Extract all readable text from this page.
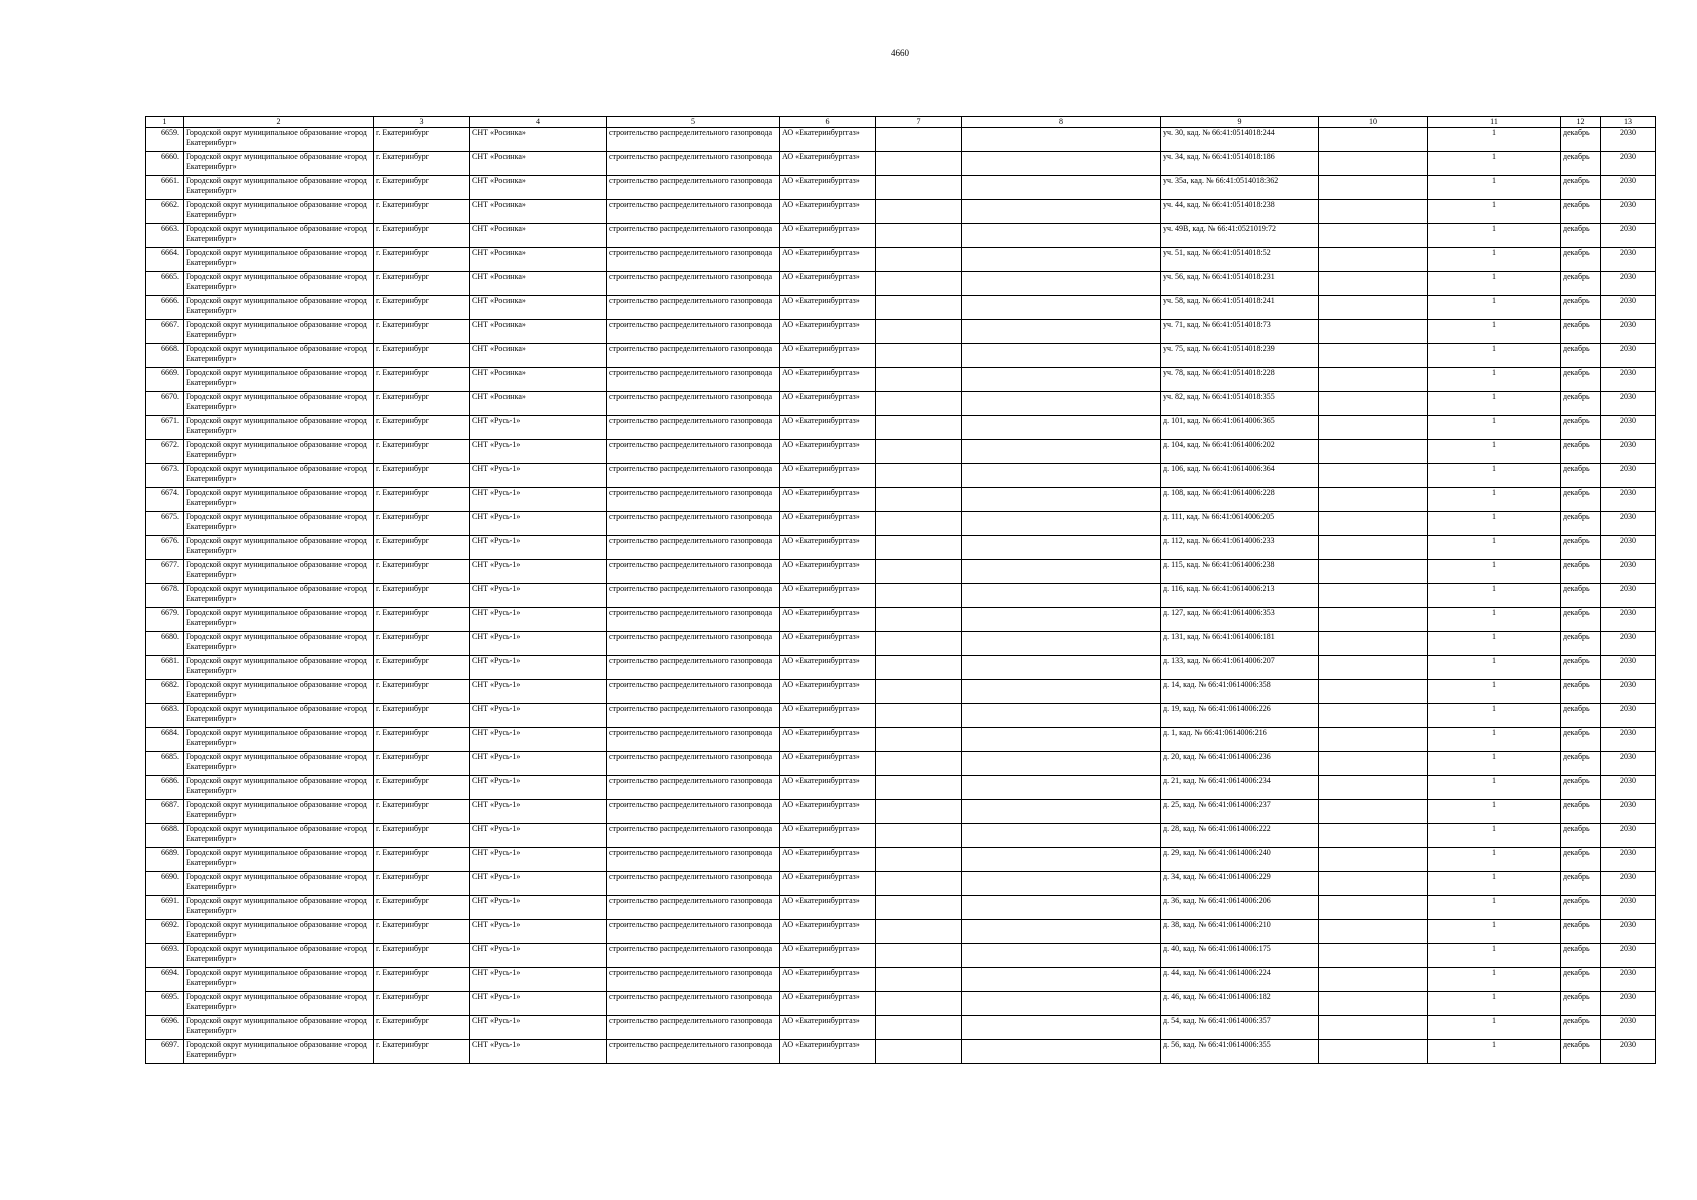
4660
1	2	3	4	5	6	7	8	9	10	11	12	13
6659.	Городской округ муниципальное образование «город Екатеринбург»	г. Екатеринбург	СНТ «Росинка»	строительство распределительного газопровода	АО «Екатеринбурггаз»			уч. 30, кад. № 66:41:0514018:244		1	декабрь	2030
6660.	Городской округ муниципальное образование «город Екатеринбург»	г. Екатеринбург	СНТ «Росинка»	строительство распределительного газопровода	АО «Екатеринбурггаз»			уч. 34, кад. № 66:41:0514018:186		1	декабрь	2030
6661.	Городской округ муниципальное образование «город Екатеринбург»	г. Екатеринбург	СНТ «Росинка»	строительство распределительного газопровода	АО «Екатеринбурггаз»			уч. 35а, кад. № 66:41:0514018:362		1	декабрь	2030
6662.	Городской округ муниципальное образование «город Екатеринбург»	г. Екатеринбург	СНТ «Росинка»	строительство распределительного газопровода	АО «Екатеринбурггаз»			уч. 44, кад. № 66:41:0514018:238		1	декабрь	2030
6663.	Городской округ муниципальное образование «город Екатеринбург»	г. Екатеринбург	СНТ «Росинка»	строительство распределительного газопровода	АО «Екатеринбурггаз»			уч. 49В, кад. № 66:41:0521019:72		1	декабрь	2030
6664.	Городской округ муниципальное образование «город Екатеринбург»	г. Екатеринбург	СНТ «Росинка»	строительство распределительного газопровода	АО «Екатеринбурггаз»			уч. 51, кад. № 66:41:0514018:52		1	декабрь	2030
6665.	Городской округ муниципальное образование «город Екатеринбург»	г. Екатеринбург	СНТ «Росинка»	строительство распределительного газопровода	АО «Екатеринбурггаз»			уч. 56, кад. № 66:41:0514018:231		1	декабрь	2030
6666.	Городской округ муниципальное образование «город Екатеринбург»	г. Екатеринбург	СНТ «Росинка»	строительство распределительного газопровода	АО «Екатеринбурггаз»			уч. 58, кад. № 66:41:0514018:241		1	декабрь	2030
6667.	Городской округ муниципальное образование «город Екатеринбург»	г. Екатеринбург	СНТ «Росинка»	строительство распределительного газопровода	АО «Екатеринбурггаз»			уч. 71, кад. № 66:41:0514018:73		1	декабрь	2030
6668.	Городской округ муниципальное образование «город Екатеринбург»	г. Екатеринбург	СНТ «Росинка»	строительство распределительного газопровода	АО «Екатеринбурггаз»			уч. 75, кад. № 66:41:0514018:239		1	декабрь	2030
6669.	Городской округ муниципальное образование «город Екатеринбург»	г. Екатеринбург	СНТ «Росинка»	строительство распределительного газопровода	АО «Екатеринбурггаз»			уч. 78, кад. № 66:41:0514018:228		1	декабрь	2030
6670.	Городской округ муниципальное образование «город Екатеринбург»	г. Екатеринбург	СНТ «Росинка»	строительство распределительного газопровода	АО «Екатеринбурггаз»			уч. 82, кад. № 66:41:0514018:355		1	декабрь	2030
6671.	Городской округ муниципальное образование «город Екатеринбург»	г. Екатеринбург	СНТ «Русь-1»	строительство распределительного газопровода	АО «Екатеринбурггаз»			д. 101, кад. № 66:41:0614006:365		1	декабрь	2030
6672.	Городской округ муниципальное образование «город Екатеринбург»	г. Екатеринбург	СНТ «Русь-1»	строительство распределительного газопровода	АО «Екатеринбурггаз»			д. 104, кад. № 66:41:0614006:202		1	декабрь	2030
6673.	Городской округ муниципальное образование «город Екатеринбург»	г. Екатеринбург	СНТ «Русь-1»	строительство распределительного газопровода	АО «Екатеринбурггаз»			д. 106, кад. № 66:41:0614006:364		1	декабрь	2030
6674.	Городской округ муниципальное образование «город Екатеринбург»	г. Екатеринбург	СНТ «Русь-1»	строительство распределительного газопровода	АО «Екатеринбурггаз»			д. 108, кад. № 66:41:0614006:228		1	декабрь	2030
6675.	Городской округ муниципальное образование «город Екатеринбург»	г. Екатеринбург	СНТ «Русь-1»	строительство распределительного газопровода	АО «Екатеринбурггаз»			д. 111, кад. № 66:41:0614006:205		1	декабрь	2030
6676.	Городской округ муниципальное образование «город Екатеринбург»	г. Екатеринбург	СНТ «Русь-1»	строительство распределительного газопровода	АО «Екатеринбурггаз»			д. 112, кад. № 66:41:0614006:233		1	декабрь	2030
6677.	Городской округ муниципальное образование «город Екатеринбург»	г. Екатеринбург	СНТ «Русь-1»	строительство распределительного газопровода	АО «Екатеринбурггаз»			д. 115, кад. № 66:41:0614006:238		1	декабрь	2030
6678.	Городской округ муниципальное образование «город Екатеринбург»	г. Екатеринбург	СНТ «Русь-1»	строительство распределительного газопровода	АО «Екатеринбурггаз»			д. 116, кад. № 66:41:0614006:213		1	декабрь	2030
6679.	Городской округ муниципальное образование «город Екатеринбург»	г. Екатеринбург	СНТ «Русь-1»	строительство распределительного газопровода	АО «Екатеринбурггаз»			д. 127, кад. № 66:41:0614006:353		1	декабрь	2030
6680.	Городской округ муниципальное образование «город Екатеринбург»	г. Екатеринбург	СНТ «Русь-1»	строительство распределительного газопровода	АО «Екатеринбурггаз»			д. 131, кад. № 66:41:0614006:181		1	декабрь	2030
6681.	Городской округ муниципальное образование «город Екатеринбург»	г. Екатеринбург	СНТ «Русь-1»	строительство распределительного газопровода	АО «Екатеринбурггаз»			д. 133, кад. № 66:41:0614006:207		1	декабрь	2030
6682.	Городской округ муниципальное образование «город Екатеринбург»	г. Екатеринбург	СНТ «Русь-1»	строительство распределительного газопровода	АО «Екатеринбурггаз»			д. 14, кад. № 66:41:0614006:358		1	декабрь	2030
6683.	Городской округ муниципальное образование «город Екатеринбург»	г. Екатеринбург	СНТ «Русь-1»	строительство распределительного газопровода	АО «Екатеринбурггаз»			д. 19, кад. № 66:41:0614006:226		1	декабрь	2030
6684.	Городской округ муниципальное образование «город Екатеринбург»	г. Екатеринбург	СНТ «Русь-1»	строительство распределительного газопровода	АО «Екатеринбурггаз»			д. 1, кад. № 66:41:0614006:216		1	декабрь	2030
6685.	Городской округ муниципальное образование «город Екатеринбург»	г. Екатеринбург	СНТ «Русь-1»	строительство распределительного газопровода	АО «Екатеринбурггаз»			д. 20, кад. № 66:41:0614006:236		1	декабрь	2030
6686.	Городской округ муниципальное образование «город Екатеринбург»	г. Екатеринбург	СНТ «Русь-1»	строительство распределительного газопровода	АО «Екатеринбурггаз»			д. 21, кад. № 66:41:0614006:234		1	декабрь	2030
6687.	Городской округ муниципальное образование «город Екатеринбург»	г. Екатеринбург	СНТ «Русь-1»	строительство распределительного газопровода	АО «Екатеринбурггаз»			д. 25, кад. № 66:41:0614006:237		1	декабрь	2030
6688.	Городской округ муниципальное образование «город Екатеринбург»	г. Екатеринбург	СНТ «Русь-1»	строительство распределительного газопровода	АО «Екатеринбурггаз»			д. 28, кад. № 66:41:0614006:222		1	декабрь	2030
6689.	Городской округ муниципальное образование «город Екатеринбург»	г. Екатеринбург	СНТ «Русь-1»	строительство распределительного газопровода	АО «Екатеринбурггаз»			д. 29, кад. № 66:41:0614006:240		1	декабрь	2030
6690.	Городской округ муниципальное образование «город Екатеринбург»	г. Екатеринбург	СНТ «Русь-1»	строительство распределительного газопровода	АО «Екатеринбурггаз»			д. 34, кад. № 66:41:0614006:229		1	декабрь	2030
6691.	Городской округ муниципальное образование «город Екатеринбург»	г. Екатеринбург	СНТ «Русь-1»	строительство распределительного газопровода	АО «Екатеринбурггаз»			д. 36, кад. № 66:41:0614006:206		1	декабрь	2030
6692.	Городской округ муниципальное образование «город Екатеринбург»	г. Екатеринбург	СНТ «Русь-1»	строительство распределительного газопровода	АО «Екатеринбурггаз»			д. 38, кад. № 66:41:0614006:210		1	декабрь	2030
6693.	Городской округ муниципальное образование «город Екатеринбург»	г. Екатеринбург	СНТ «Русь-1»	строительство распределительного газопровода	АО «Екатеринбурггаз»			д. 40, кад. № 66:41:0614006:175		1	декабрь	2030
6694.	Городской округ муниципальное образование «город Екатеринбург»	г. Екатеринбург	СНТ «Русь-1»	строительство распределительного газопровода	АО «Екатеринбурггаз»			д. 44, кад. № 66:41:0614006:224		1	декабрь	2030
6695.	Городской округ муниципальное образование «город Екатеринбург»	г. Екатеринбург	СНТ «Русь-1»	строительство распределительного газопровода	АО «Екатеринбурггаз»			д. 46, кад. № 66:41:0614006:182		1	декабрь	2030
6696.	Городской округ муниципальное образование «город Екатеринбург»	г. Екатеринбург	СНТ «Русь-1»	строительство распределительного газопровода	АО «Екатеринбурггаз»			д. 54, кад. № 66:41:0614006:357		1	декабрь	2030
6697.	Городской округ муниципальное образование «город Екатеринбург»	г. Екатеринбург	СНТ «Русь-1»	строительство распределительного газопровода	АО «Екатеринбурггаз»			д. 56, кад. № 66:41:0614006:355		1	декабрь	2030
